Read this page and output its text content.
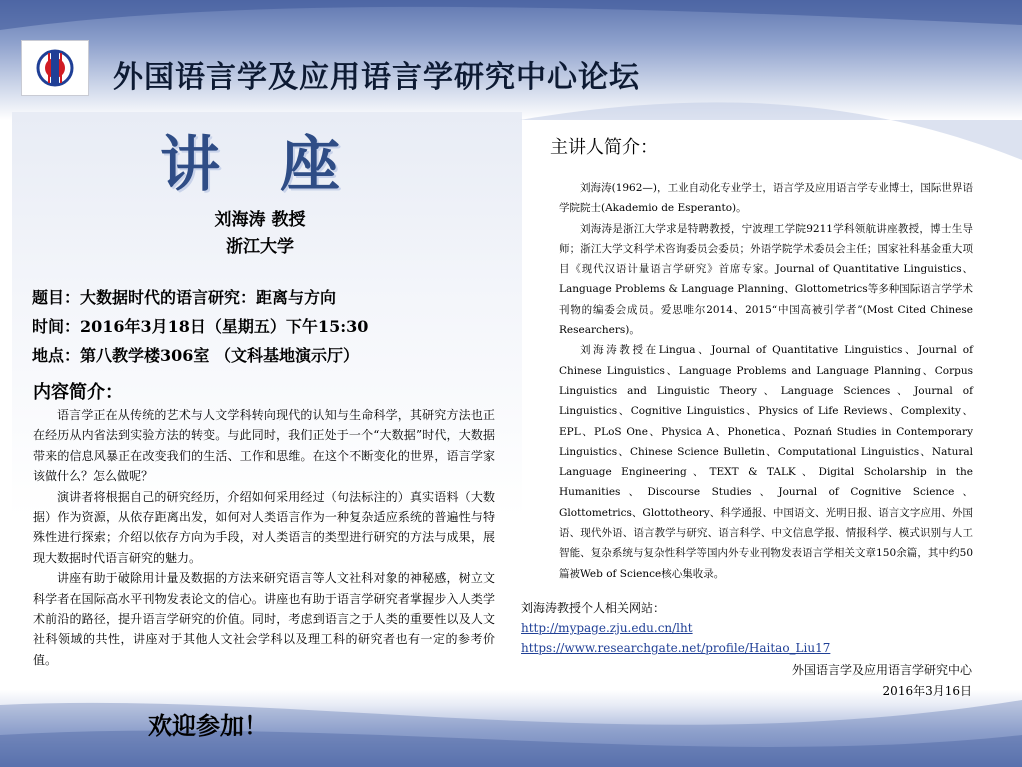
外国语言学及应用语言学研究中心论坛
讲座
刘海涛 教授
浙江大学
题目：大数据时代的语言研究：距离与方向
时间：2016年3月18日（星期五）下午15:30
地点：第八教学楼306室 （文科基地演示厅）
内容简介：

语言学正在从传统的艺术与人文学科转向现代的认知与生命科学，其研究方法也正在经历从内省法到实验方法的转变。与此同时，我们正处于一个“大数据”时代，大数据带来的信息风暴正在改变我们的生活、工作和思维。在这个不断变化的世界，语言学家该做什么？怎么做呢？

演讲者将根据自己的研究经历，介绍如何采用经过（句法标注的）真实语料（大数据）作为资源，从依存距离出发，如何对人类语言作为一种复杂适应系统的普遍性与特殊性进行探索；介绍以依存方向为手段，对人类语言的类型进行研究的方法与成果，展现大数据时代语言研究的魅力。

讲座有助于破除用计量及数据的方法来研究语言等人文社科对象的神秘感，树立文科学者在国际高水平刊物发表论文的信心。讲座也有助于语言学研究者掌握步入人类学术前沿的路径，提升语言学研究的价值。同时，考虑到语言之于人类的重要性以及人文社科领域的共性，讲座对于其他人文社会学科以及理工科的研究者也有一定的参考价值。

主讲人简介：

刘海涛(1962—)，工业自动化专业学士，语言学及应用语言学专业博士，国际世界语学院院士(Akademio de Esperanto)。

刘海涛是浙江大学求是特聘教授，宁波理工学院9211学科领航讲座教授，博士生导师；浙江大学文科学术咨询委员会委员；外语学院学术委员会主任；国家社科基金重大项目《现代汉语计量语言学研究》首席专家。Journal of Quantitative Linguistics、Language Problems & Language Planning、Glottometrics等多种国际语言学学术刊物的编委会成员。爱思唯尔2014、2015“中国高被引学者”(Most Cited Chinese Researchers)。

刘海涛教授在Lingua、Journal of Quantitative Linguistics、Journal of Chinese Linguistics、Language Problems and Language Planning、Corpus Linguistics and Linguistic Theory、Language Sciences、Journal of Linguistics、Cognitive Linguistics、Physics of Life Reviews、Complexity、EPL、PLoS One、Physica A、Phonetica、Poznań Studies in Contemporary Linguistics、Chinese Science Bulletin、Computational Linguistics、Natural Language Engineering、TEXT & TALK、Digital Scholarship in the Humanities、Discourse Studies、Journal of Cognitive Science、Glottometrics、Glottotheory、科学通报、中国语文、光明日报、语言文字应用、外国语、现代外语、语言教学与研究、语言科学、中文信息学报、情报科学、模式识别与人工智能、复杂系统与复杂性科学等国内外专业刊物发表语言学相关文章150余篇，其中约50篇被Web of Science核心集收录。

刘海涛教授个人相关网站：
http://mypage.zju.edu.cn/lht
https://www.researchgate.net/profile/Haitao_Liu17
外国语言学及应用语言学研究中心
2016年3月16日
欢迎参加！
